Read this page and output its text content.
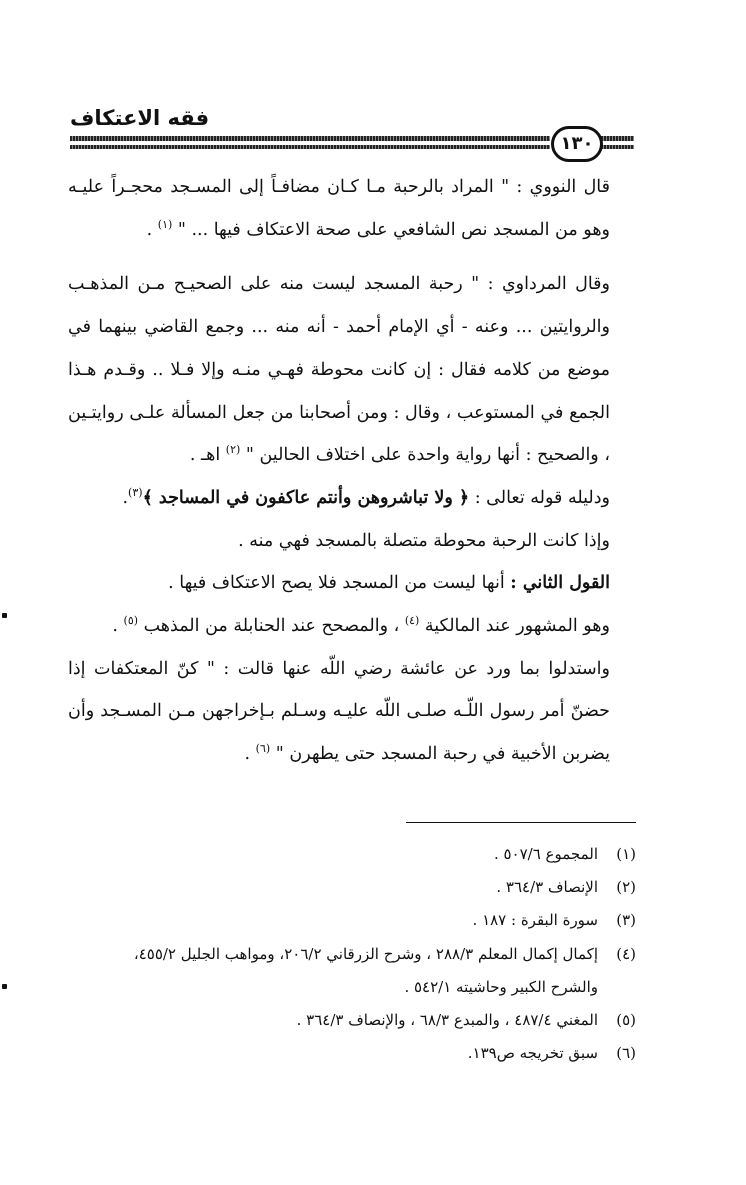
فقه الاعتكاف
١٣٠

قال النووي : " المراد بالرحبة مـا كـان مضافـاً إلى المسـجد محجـراً عليـه وهو من المسجد نص الشافعي على صحة الاعتكاف فيها ... " $^{(١)}$ .

وقال المرداوي : " رحبة المسجد ليست منه على الصحيـح مـن المذهـب والروايتين ... وعنه - أي الإمام أحمد - أنه منه ... وجمع القاضي بينهما في موضع من كلامه فقال : إن كانت محوطة فهـي منـه وإلا فـلا .. وقـدم هـذا الجمع في المستوعب ، وقال : ومن أصحابنا من جعل المسألة علـى روايتـين ، والصحيح : أنها رواية واحدة على اختلاف الحالين " $^{(٢)}$ اهـ .

ودليله قوله تعالى : ﴿ ولا تباشروهن وأنتم عاكفون في المساجد ﴾$^{(٣)}$.

وإذا كانت الرحبة محوطة متصلة بالمسجد فهي منه .

القول الثاني : أنها ليست من المسجد فلا يصح الاعتكاف فيها .

وهو المشهور عند المالكية $^{(٤)}$ ، والمصحح عند الحنابلة من المذهب $^{(٥)}$ .

واستدلوا بما ورد عن عائشة رضي اللّه عنها قالت : " كنّ المعتكفات إذا حضنّ أمر رسول اللّـه صلـى اللّه عليـه وسـلم بـإخراجهن مـن المسـجد وأن يضربن الأخبية في رحبة المسجد حتى يطهرن " $^{(٦)}$ .

(١)
المجموع ٥٠٧/٦ .
(٢)
الإنصاف ٣٦٤/٣ .
(٣)
سورة البقرة : ١٨٧ .
(٤)
إكمال إكمال المعلم ٢٨٨/٣ ، وشرح الزرقاني ٢٠٦/٢، ومواهب الجليل ٤٥٥/٢،
والشرح الكبير وحاشيته ٥٤٢/١ .
(٥)
المغني ٤٨٧/٤ ، والمبدع ٦٨/٣ ، والإنصاف ٣٦٤/٣ .
(٦)
سبق تخريجه ص١٣٩.
